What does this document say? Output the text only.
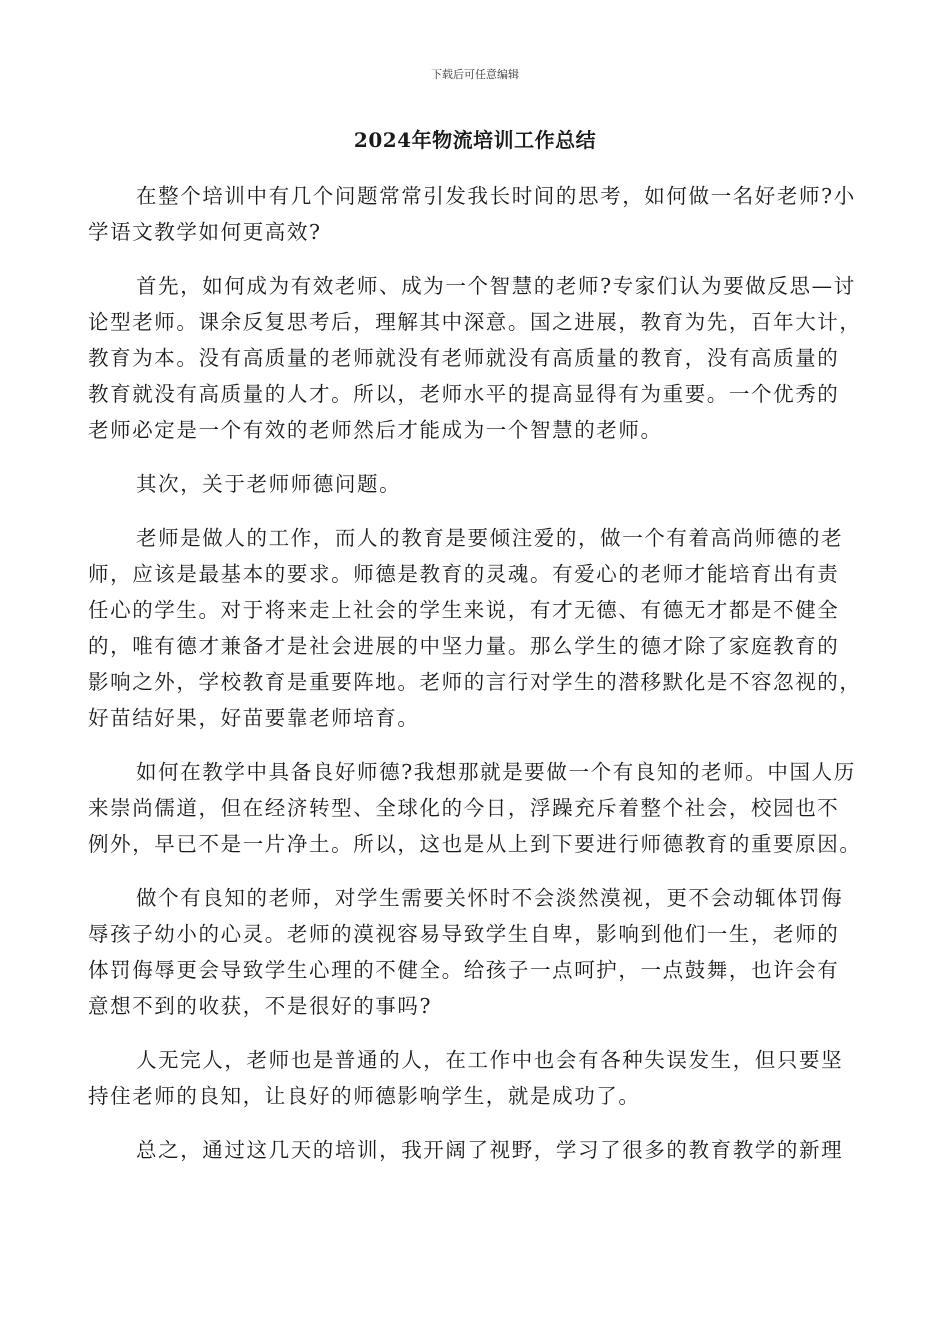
下载后可任意编辑
2024年物流培训工作总结

在整个培训中有几个问题常常引发我长时间的思考，如何做一名好老师?小
学语文教学如何更高效?

首先，如何成为有效老师、成为一个智慧的老师?专家们认为要做反思—讨
论型老师。课余反复思考后，理解其中深意。国之进展，教育为先，百年大计，
教育为本。没有高质量的老师就没有老师就没有高质量的教育，没有高质量的
教育就没有高质量的人才。所以，老师水平的提高显得有为重要。一个优秀的
老师必定是一个有效的老师然后才能成为一个智慧的老师。

其次，关于老师师德问题。

老师是做人的工作，而人的教育是要倾注爱的，做一个有着高尚师德的老
师，应该是最基本的要求。师德是教育的灵魂。有爱心的老师才能培育出有责
任心的学生。对于将来走上社会的学生来说，有才无德、有德无才都是不健全
的，唯有德才兼备才是社会进展的中坚力量。那么学生的德才除了家庭教育的
影响之外，学校教育是重要阵地。老师的言行对学生的潜移默化是不容忽视的，
好苗结好果，好苗要靠老师培育。

如何在教学中具备良好师德?我想那就是要做一个有良知的老师。中国人历
来崇尚儒道，但在经济转型、全球化的今日，浮躁充斥着整个社会，校园也不
例外，早已不是一片净土。所以，这也是从上到下要进行师德教育的重要原因。

做个有良知的老师，对学生需要关怀时不会淡然漠视，更不会动辄体罚侮
辱孩子幼小的心灵。老师的漠视容易导致学生自卑，影响到他们一生，老师的
体罚侮辱更会导致学生心理的不健全。给孩子一点呵护，一点鼓舞，也许会有
意想不到的收获，不是很好的事吗?

人无完人，老师也是普通的人，在工作中也会有各种失误发生，但只要坚
持住老师的良知，让良好的师德影响学生，就是成功了。

总之，通过这几天的培训，我开阔了视野，学习了很多的教育教学的新理
